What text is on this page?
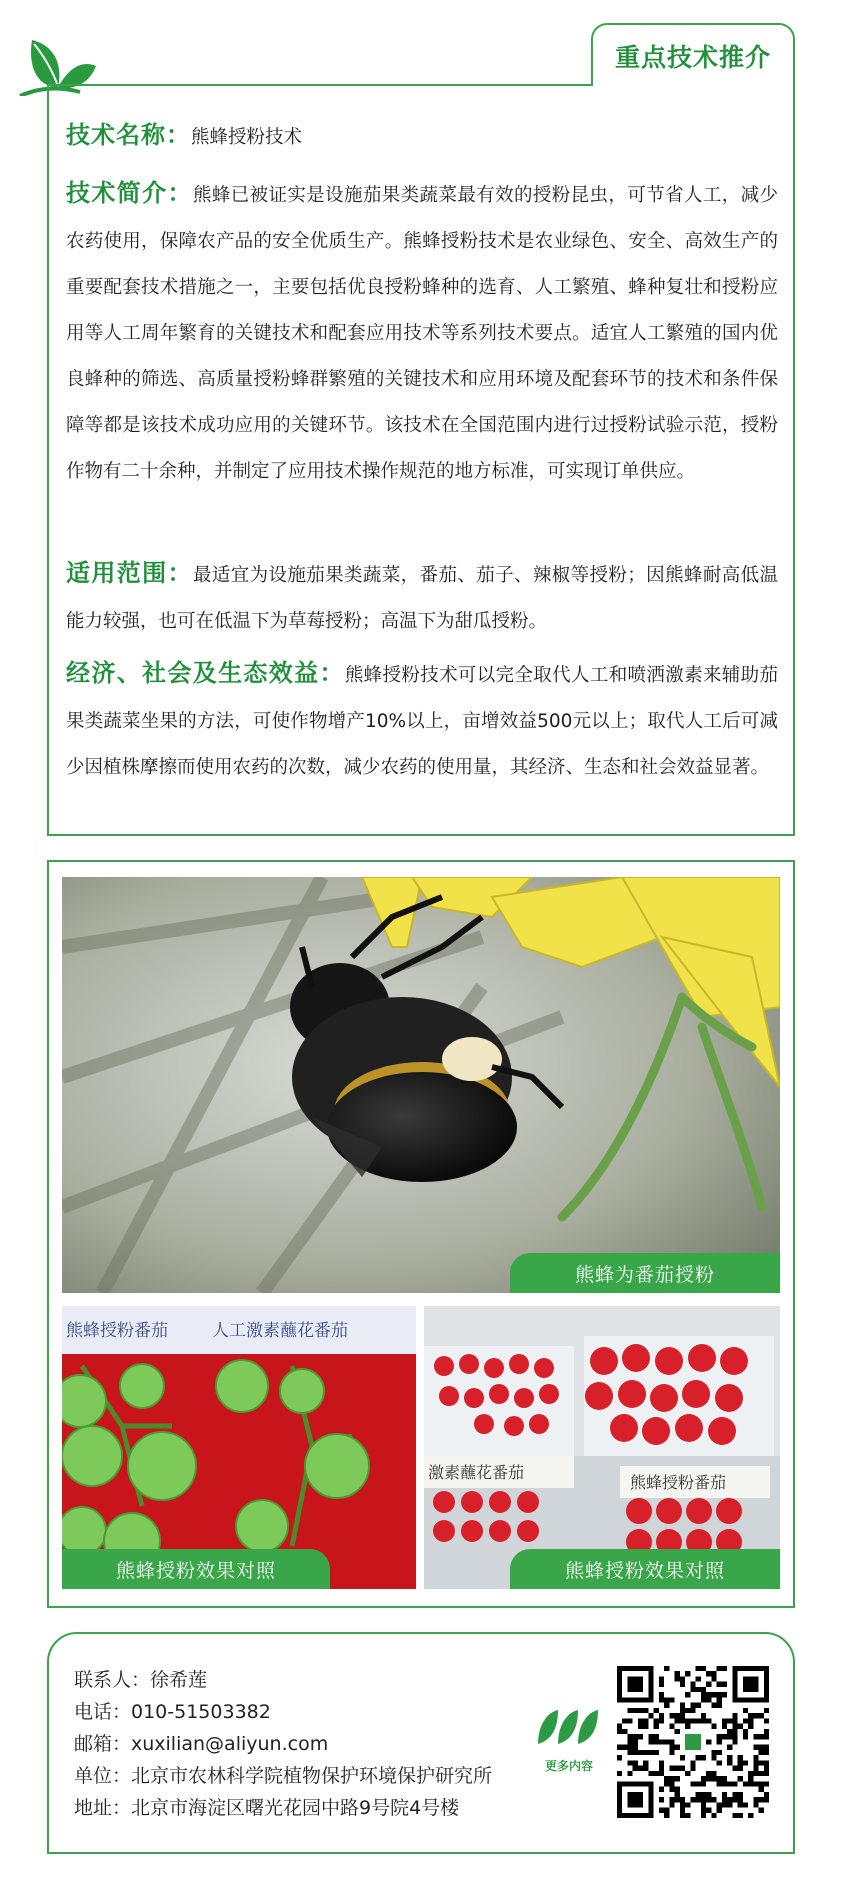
重点技术推介
技术名称：熊蜂授粉技术
技术简介：熊蜂已被证实是设施茄果类蔬菜最有效的授粉昆虫，可节省人工，减少农药使用，保障农产品的安全优质生产。熊蜂授粉技术是农业绿色、安全、高效生产的重要配套技术措施之一，主要包括优良授粉蜂种的选育、人工繁殖、蜂种复壮和授粉应用等人工周年繁育的关键技术和配套应用技术等系列技术要点。适宜人工繁殖的国内优良蜂种的筛选、高质量授粉蜂群繁殖的关键技术和应用环境及配套环节的技术和条件保障等都是该技术成功应用的关键环节。该技术在全国范围内进行过授粉试验示范，授粉作物有二十余种，并制定了应用技术操作规范的地方标准，可实现订单供应。
适用范围：最适宜为设施茄果类蔬菜，番茄、茄子、辣椒等授粉；因熊蜂耐高低温能力较强，也可在低温下为草莓授粉；高温下为甜瓜授粉。
经济、社会及生态效益：熊蜂授粉技术可以完全取代人工和喷洒激素来辅助茄果类蔬菜坐果的方法，可使作物增产10%以上，亩增效益500元以上；取代人工后可减少因植株摩擦而使用农药的次数，减少农药的使用量，其经济、生态和社会效益显著。
熊蜂为番茄授粉
熊蜂授粉番茄	人工激素蘸花番茄
熊蜂授粉效果对照
激素蘸花番茄
熊蜂授粉番茄
熊蜂授粉效果对照
联系人：徐希莲
电话：010-51503382
邮箱：xuxilian@aliyun.com
单位：北京市农林科学院植物保护环境保护研究所
地址：北京市海淀区曙光花园中路9号院4号楼
更多内容
